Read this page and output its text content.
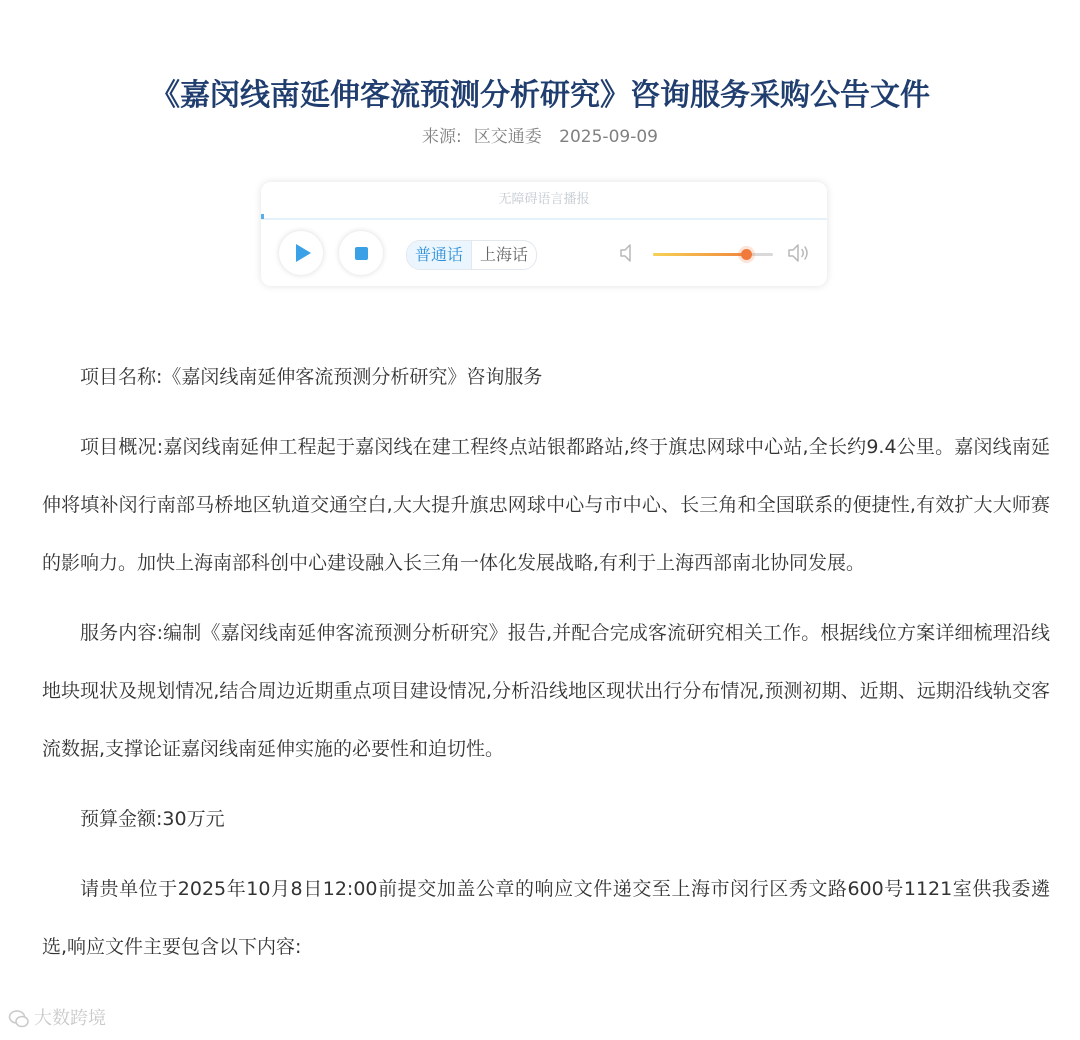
《嘉闵线南延伸客流预测分析研究》咨询服务采购公告文件
来源: 区交通委 2025-09-09
无障碍语言播报
普通话	上海话

项目名称:《嘉闵线南延伸客流预测分析研究》咨询服务

项目概况:嘉闵线南延伸工程起于嘉闵线在建工程终点站银都路站,终于旗忠网球中心站,全长约9.4公里。嘉闵线南延伸将填补闵行南部马桥地区轨道交通空白,大大提升旗忠网球中心与市中心、长三角和全国联系的便捷性,有效扩大大师赛的影响力。加快上海南部科创中心建设融入长三角一体化发展战略,有利于上海西部南北协同发展。

服务内容:编制《嘉闵线南延伸客流预测分析研究》报告,并配合完成客流研究相关工作。根据线位方案详细梳理沿线地块现状及规划情况,结合周边近期重点项目建设情况,分析沿线地区现状出行分布情况,预测初期、近期、远期沿线轨交客流数据,支撑论证嘉闵线南延伸实施的必要性和迫切性。

预算金额:30万元

请贵单位于2025年10月8日12:00前提交加盖公章的响应文件递交至上海市闵行区秀文路600号1121室供我委遴选,响应文件主要包含以下内容:

大数跨境
